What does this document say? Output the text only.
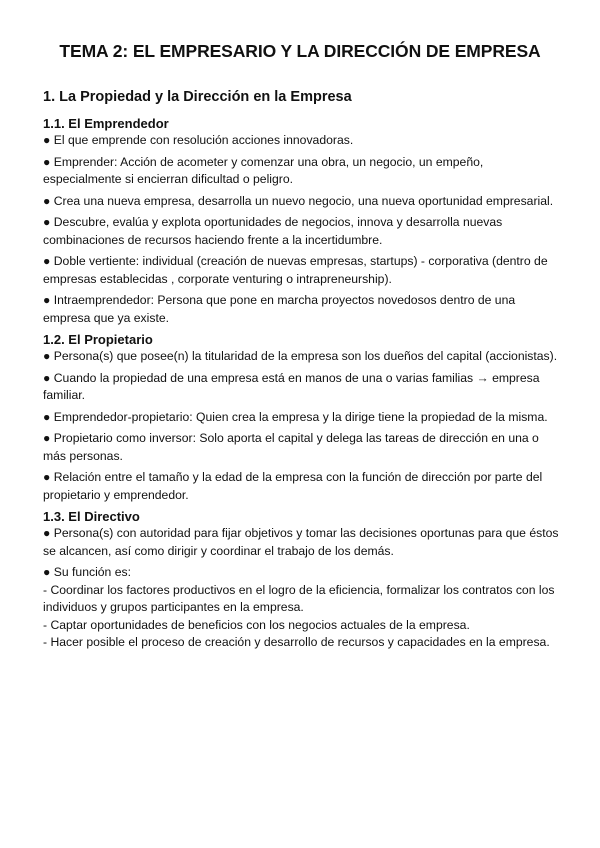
TEMA 2: EL EMPRESARIO Y LA DIRECCIÓN DE EMPRESA
1. La Propiedad y la Dirección en la Empresa
1.1. El Emprendedor

● El que emprende con resolución acciones innovadoras.

● Emprender: Acción de acometer y comenzar una obra, un negocio, un empeño, especialmente si encierran dificultad o peligro.

● Crea una nueva empresa, desarrolla un nuevo negocio, una nueva oportunidad empresarial.

● Descubre, evalúa y explota oportunidades de negocios, innova y desarrolla nuevas combinaciones de recursos haciendo frente a la incertidumbre.

● Doble vertiente: individual (creación de nuevas empresas, startups) - corporativa (dentro de empresas establecidas , corporate venturing o intrapreneurship).

● Intraemprendedor: Persona que pone en marcha proyectos novedosos dentro de una empresa que ya existe.

1.2. El Propietario

● Persona(s) que posee(n) la titularidad de la empresa son los dueños del capital (accionistas).

● Cuando la propiedad de una empresa está en manos de una o varias familias → empresa familiar.

● Emprendedor-propietario: Quien crea la empresa y la dirige tiene la propiedad de la misma.

● Propietario como inversor: Solo aporta el capital y delega las tareas de dirección en una o más personas.

● Relación entre el tamaño y la edad de la empresa con la función de dirección por parte del propietario y emprendedor.

1.3. El Directivo

● Persona(s) con autoridad para fijar objetivos y tomar las decisiones oportunas para que éstos se alcancen, así como dirigir y coordinar el trabajo de los demás.

● Su función es:

- Coordinar los factores productivos en el logro de la eficiencia, formalizar los contratos con los individuos y grupos participantes en la empresa.

- Captar oportunidades de beneficios con los negocios actuales de la empresa.

- Hacer posible el proceso de creación y desarrollo de recursos y capacidades en la empresa.
